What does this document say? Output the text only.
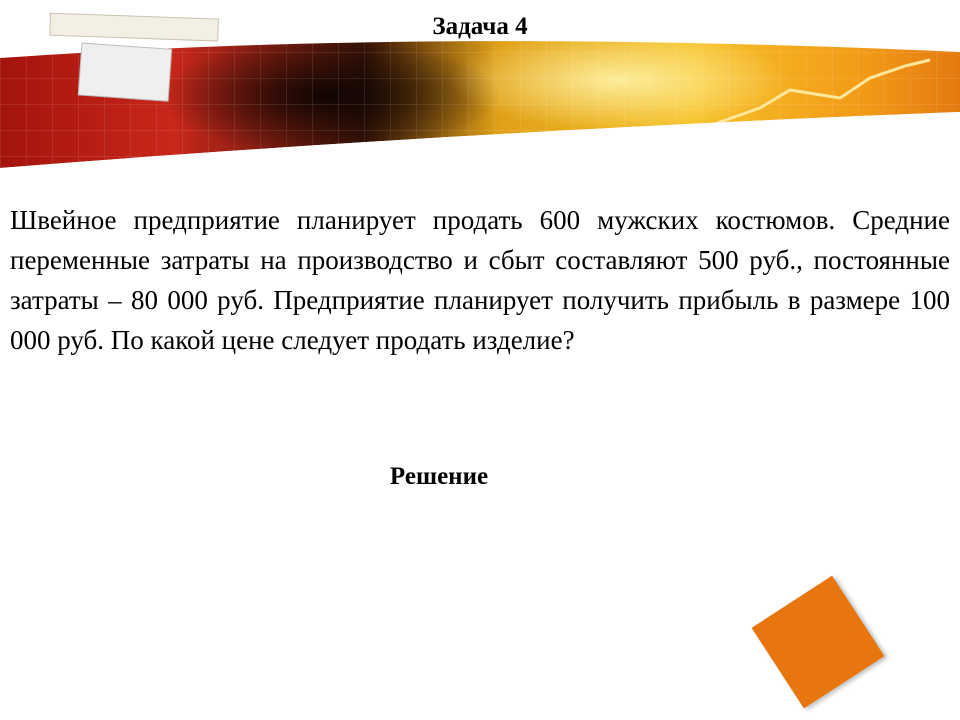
Задача 4

Швейное предприятие планирует продать 600 мужских костюмов. Средние переменные затраты на производство и сбыт составляют 500 руб., постоянные затраты – 80 000 руб. Предприятие планирует получить прибыль в размере 100 000 руб. По какой цене следует продать изделие?

Решение
